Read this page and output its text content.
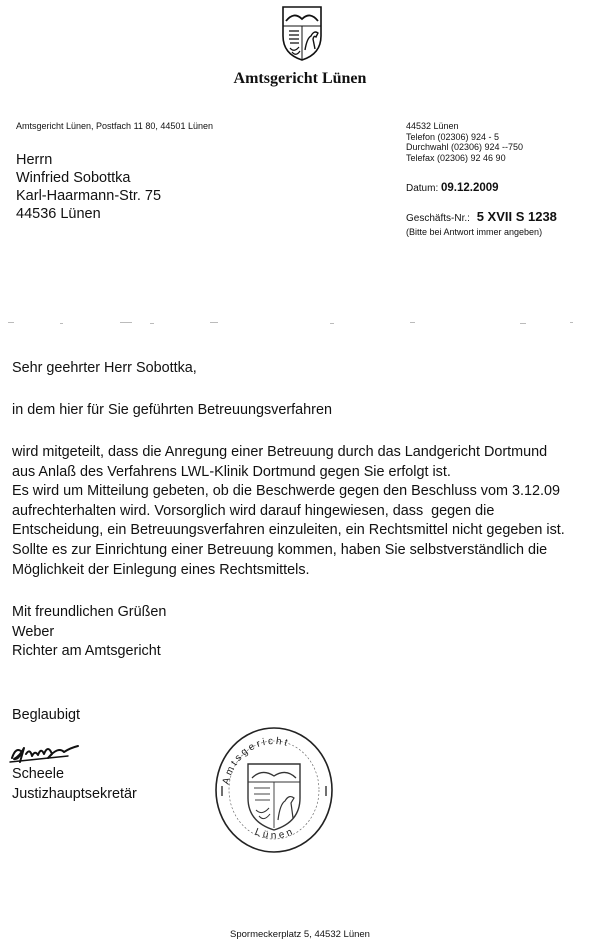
Amtsgericht Lünen
Amtsgericht Lünen, Postfach 11 80, 44501 Lünen
Herrn
Winfried Sobottka
Karl-Haarmann-Str. 75
44536 Lünen
44532 Lünen
Telefon (02306) 924 - 5
Durchwahl (02306) 924 --750
Telefax (02306) 92 46 90
Datum: 09.12.2009
Geschäfts-Nr.: 5 XVII S 1238
(Bitte bei Antwort immer angeben)
Sehr geehrter Herr Sobottka,
in dem hier für Sie geführten Betreuungsverfahren
wird mitgeteilt, dass die Anregung einer Betreuung durch das Landgericht Dortmund
aus Anlaß des Verfahrens LWL-Klinik Dortmund gegen Sie erfolgt ist.
Es wird um Mitteilung gebeten, ob die Beschwerde gegen den Beschluss vom 3.12.09
aufrechterhalten wird. Vorsorglich wird darauf hingewiesen, dass  gegen die
Entscheidung, ein Betreuungsverfahren einzuleiten, ein Rechtsmittel nicht gegeben ist.
Sollte es zur Einrichtung einer Betreuung kommen, haben Sie selbstverständlich die
Möglichkeit der Einlegung eines Rechtsmittels.
Mit freundlichen Grüßen
Weber
Richter am Amtsgericht
Beglaubigt
Scheele
Justizhauptsekretär
Amtsgericht
Lünen
Spormeckerplatz 5, 44532 Lünen
